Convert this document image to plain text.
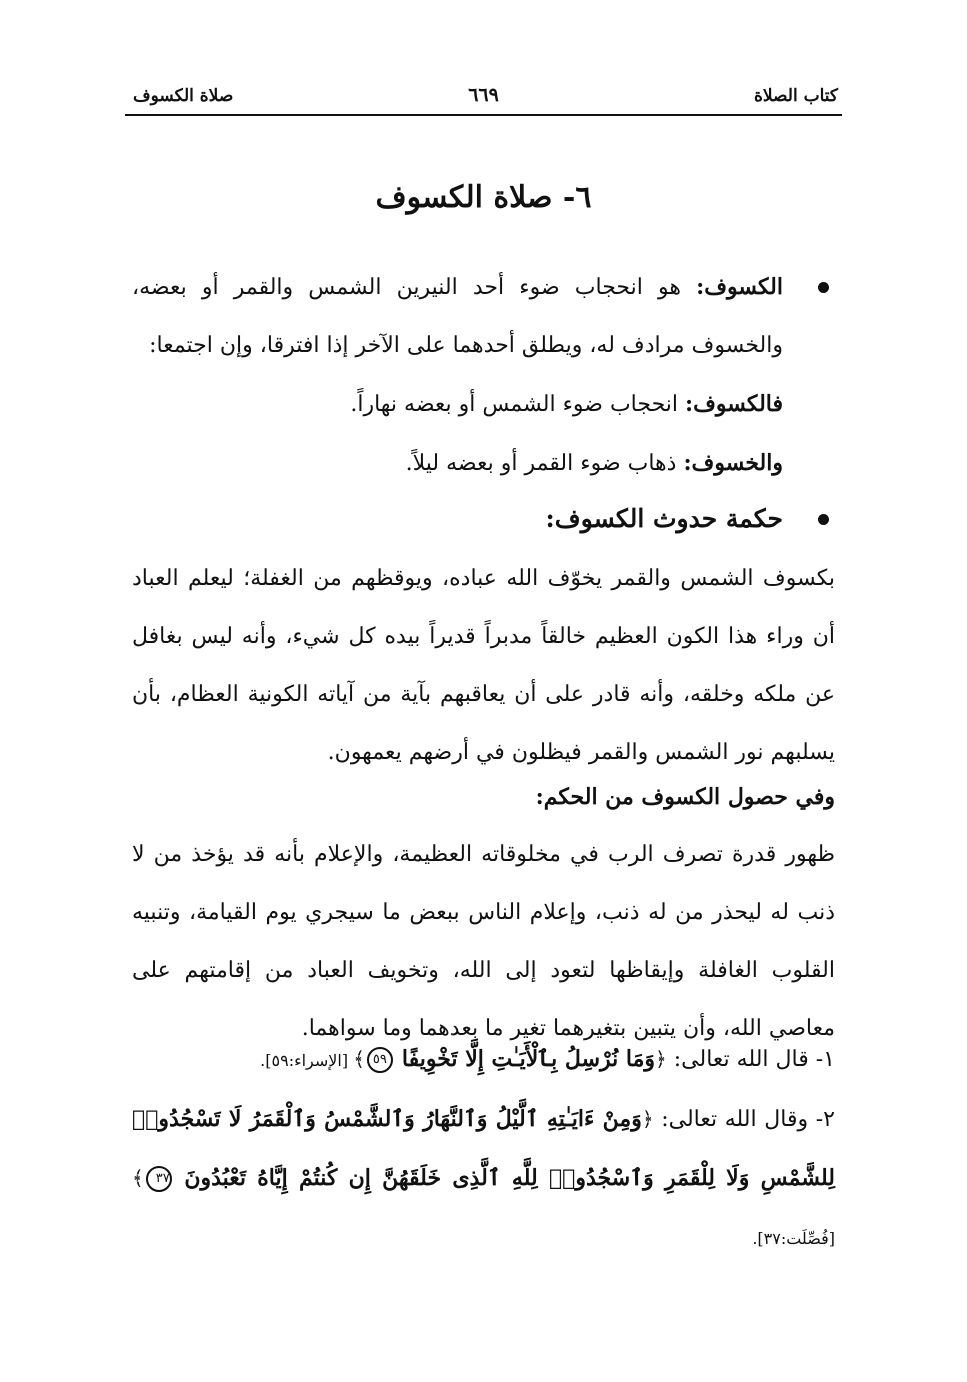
كتاب الصلاة
٦٦٩
صلاة الكسوف
٦- صلاة الكسوف

الكسوف: هو انحجاب ضوء أحد النيرين الشمس والقمر أو بعضه، والخسوف مرادف له، ويطلق أحدهما على الآخر إذا افترقا، وإن اجتمعا:

فالكسوف: انحجاب ضوء الشمس أو بعضه نهاراً.

والخسوف: ذهاب ضوء القمر أو بعضه ليلاً.

حكمة حدوث الكسوف:

بكسوف الشمس والقمر يخوّف الله عباده، ويوقظهم من الغفلة؛ ليعلم العباد أن وراء هذا الكون العظيم خالقاً مدبراً قديراً بيده كل شيء، وأنه ليس بغافل عن ملكه وخلقه، وأنه قادر على أن يعاقبهم بآية من آياته الكونية العظام، بأن يسلبهم نور الشمس والقمر فيظلون في أرضهم يعمهون.

وفي حصول الكسوف من الحكم:

ظهور قدرة تصرف الرب في مخلوقاته العظيمة، والإعلام بأنه قد يؤخذ من لا ذنب له ليحذر من له ذنب، وإعلام الناس ببعض ما سيجري يوم القيامة، وتنبيه القلوب الغافلة وإيقاظها لتعود إلى الله، وتخويف العباد من إقامتهم على معاصي الله، وأن يتبين بتغيرهما تغير ما بعدهما وما سواهما.

١- قال الله تعالى: ﴿وَمَا نُرْسِلُ بِٱلْأَيَـٰتِ إِلَّا تَخْوِيفًا ٥٩﴾ [الإسراء:٥٩].

٢- وقال الله تعالى: ﴿وَمِنْ ءَايَـٰتِهِ ٱلَّيْلُ وَٱلنَّهَارُ وَٱلشَّمْسُ وَٱلْقَمَرُ لَا تَسْجُدُوا۟ لِلشَّمْسِ وَلَا لِلْقَمَرِ وَٱسْجُدُوا۟ لِلَّهِ ٱلَّذِى خَلَقَهُنَّ إِن كُنتُمْ إِيَّاهُ تَعْبُدُونَ ٣٧﴾ [فُصِّلَت:٣٧].
